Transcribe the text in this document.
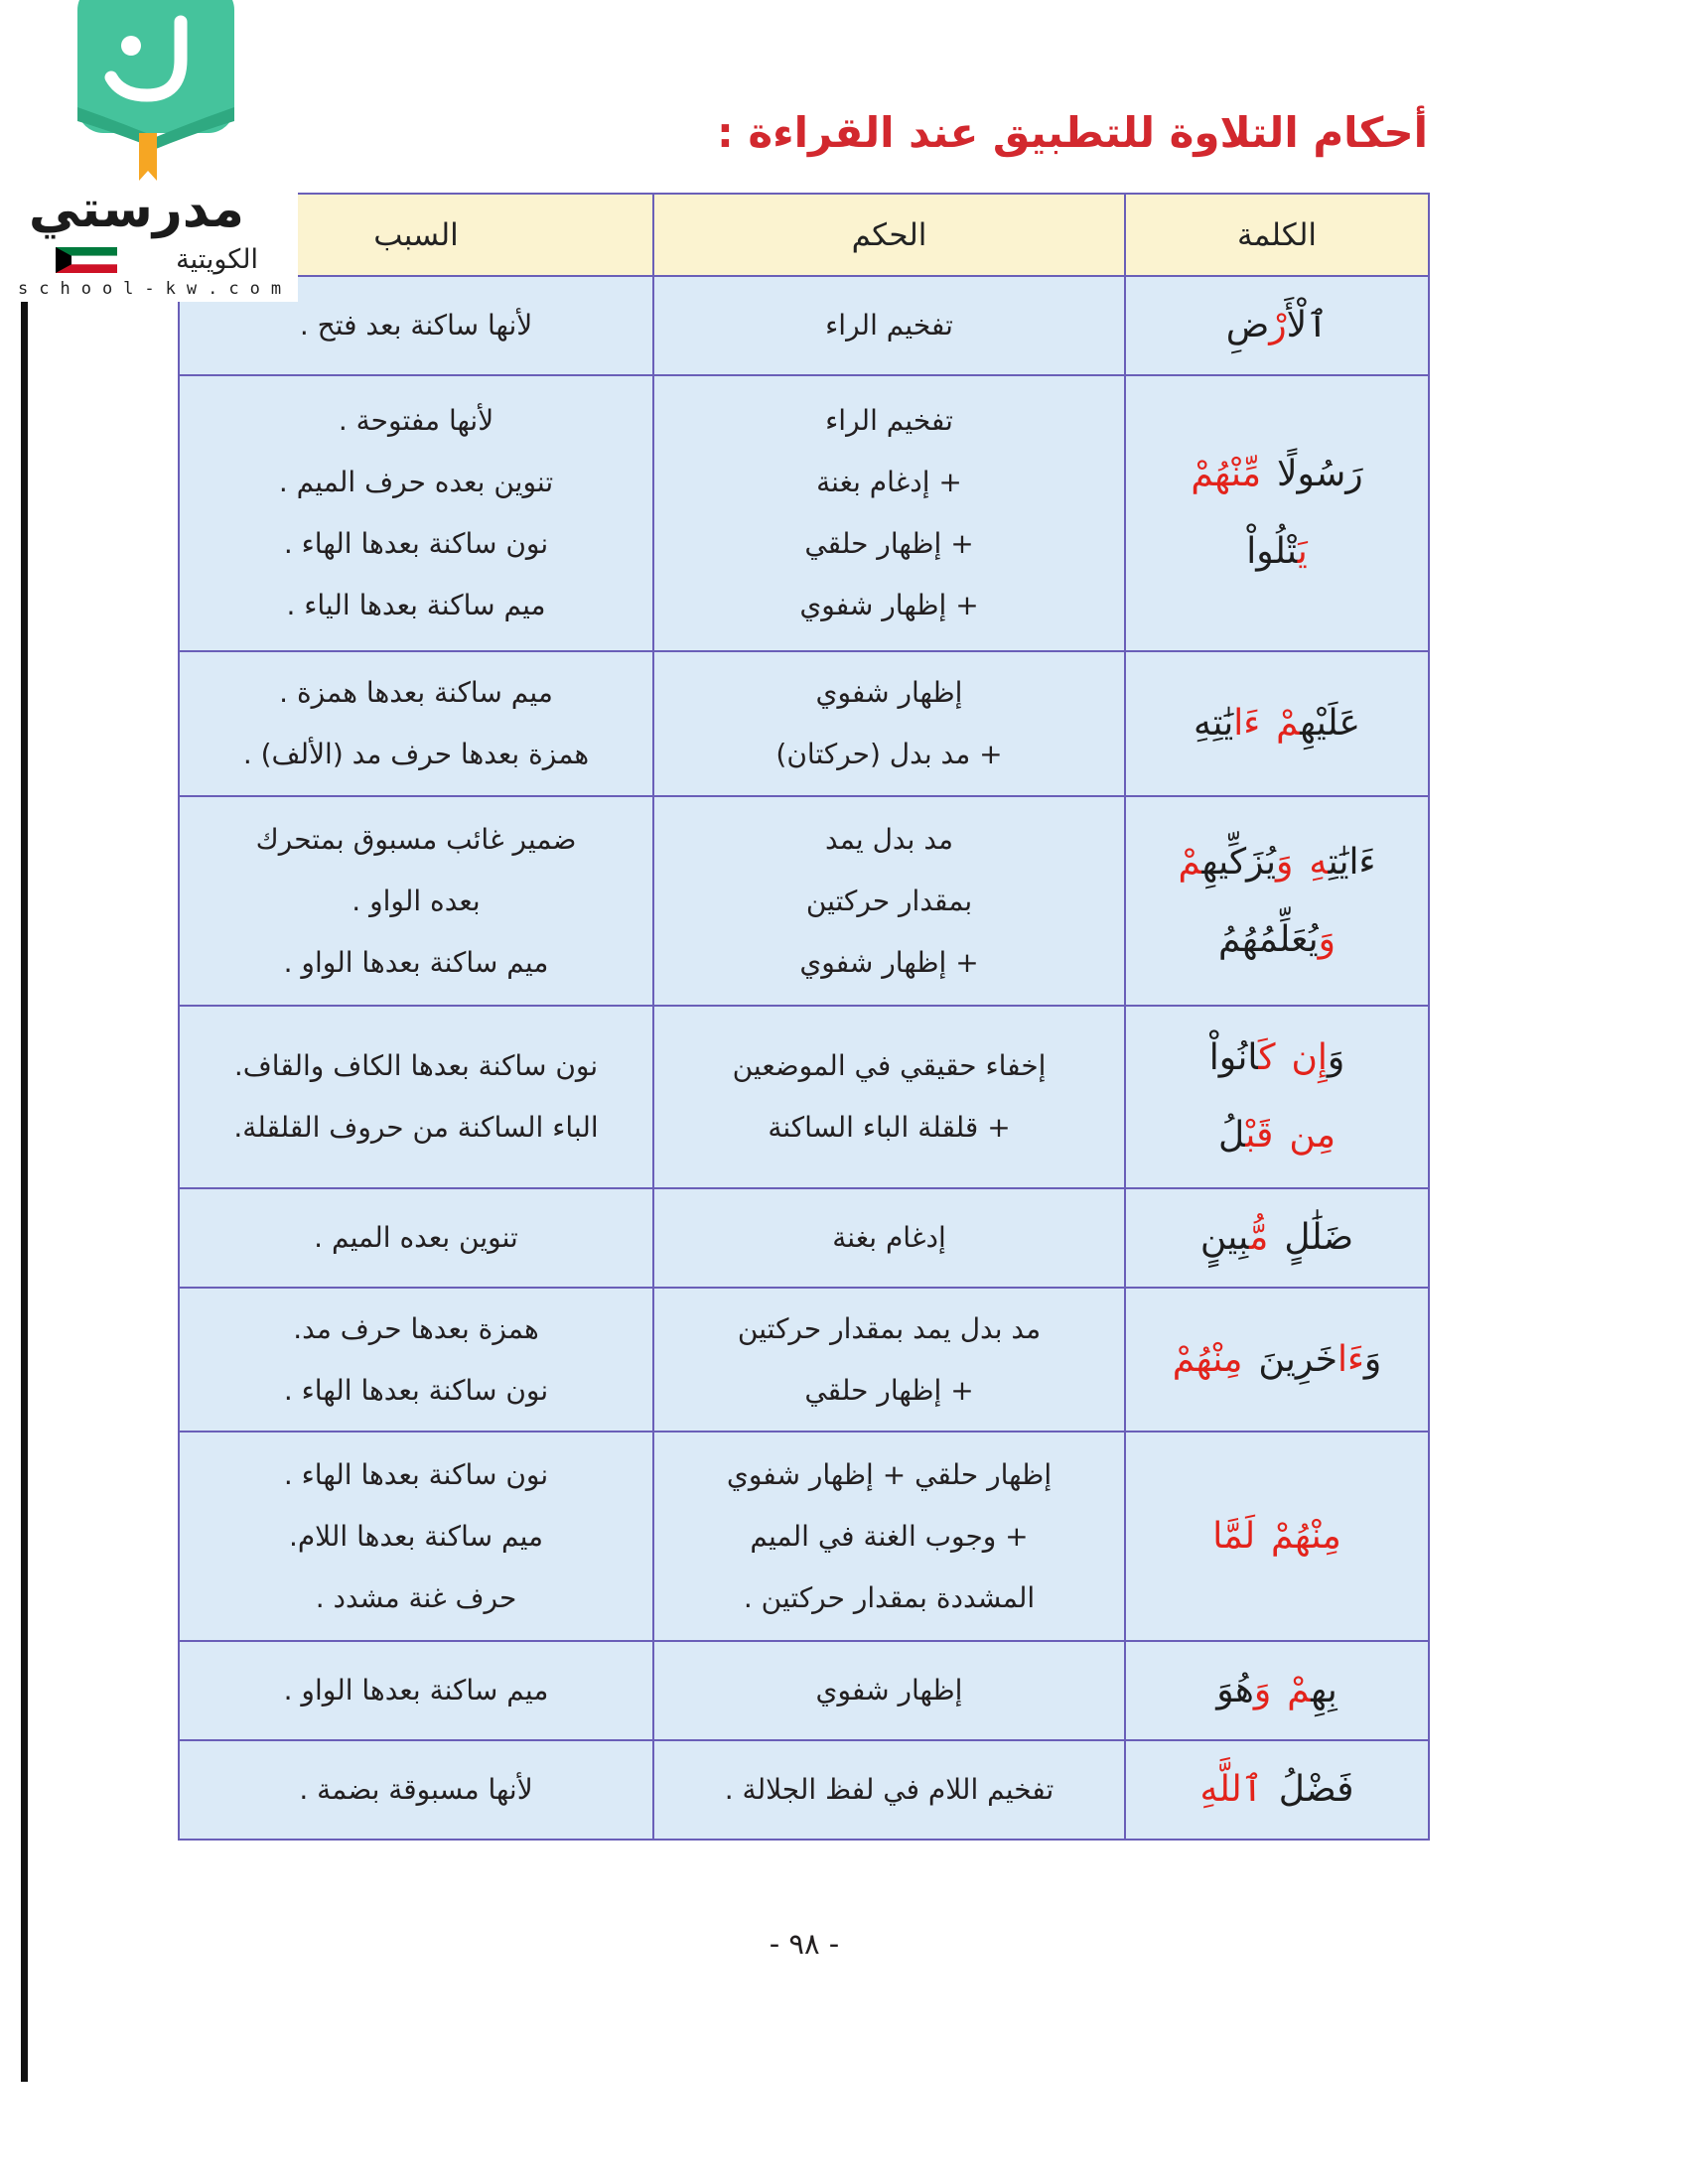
مدرستي
الكويتية
school-kw.com
أحكام التلاوة للتطبيق عند القراءة :
الكلمة
الحكم
السبب
ٱلْأَرْضِ
تفخيم الراء
لأنها ساكنة بعد فتح .
رَسُولًا
مِّنْهُمْ
يَتْلُواْ
تفخيم الراء
+ إدغام بغنة
+ إظهار حلقي
+ إظهار شفوي
لأنها مفتوحة .
تنوين بعده حرف الميم .
نون ساكنة بعدها الهاء .
ميم ساكنة بعدها الياء .
عَلَيْهِمْ
ءَايَٰتِهِ
إظهار شفوي
+ مد بدل (حركتان)
ميم ساكنة بعدها همزة .
همزة بعدها حرف مد (الألف) .
ءَايَٰتِهِ
وَيُزَكِّيهِمْ
وَيُعَلِّمُهُمُ
مد بدل يمد
بمقدار حركتين
+ إظهار شفوي
ضمير غائب مسبوق بمتحرك
بعده الواو .
ميم ساكنة بعدها الواو .
وَإِن
كَانُواْ
مِن
قَبْلُ
إخفاء حقيقي في الموضعين
+ قلقلة الباء الساكنة
نون ساكنة بعدها الكاف والقاف.
الباء الساكنة من حروف القلقلة.
ضَلَٰلٍ
مُّبِينٍ
إدغام بغنة
تنوين بعده الميم .
وَءَاخَرِينَ
مِنْهُمْ
مد بدل يمد بمقدار حركتين
+ إظهار حلقي
همزة بعدها حرف مد.
نون ساكنة بعدها الهاء .
مِنْهُمْ
لَمَّا
إظهار حلقي + إظهار شفوي
+ وجوب الغنة في الميم
المشددة بمقدار حركتين .
نون ساكنة بعدها الهاء .
ميم ساكنة بعدها اللام.
حرف غنة مشدد .
بِهِمْ
وَهُوَ
إظهار شفوي
ميم ساكنة بعدها الواو .
فَضْلُ
ٱللَّهِ
تفخيم اللام في لفظ الجلالة .
لأنها مسبوقة بضمة .
- ٩٨ -
